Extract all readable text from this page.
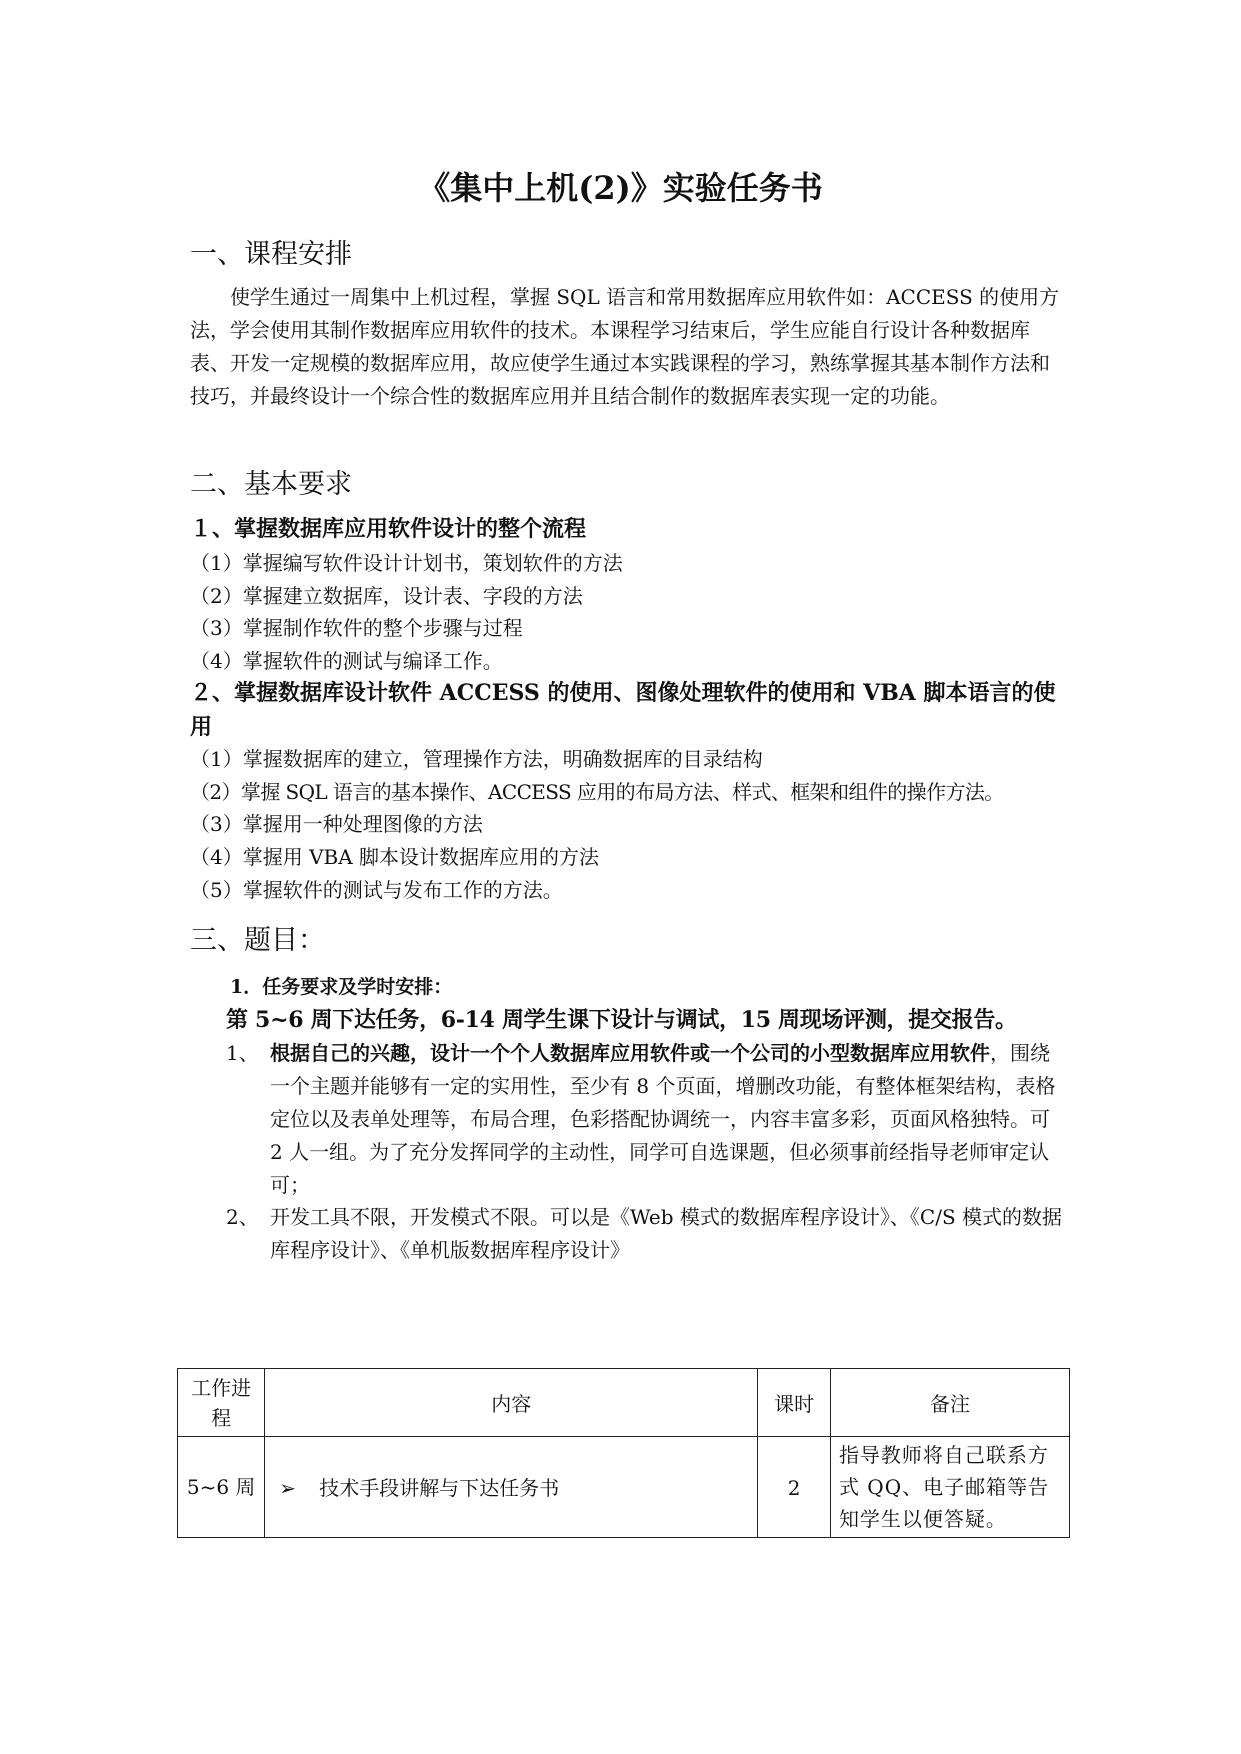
《集中上机(2)》实验任务书
一、课程安排

使学生通过一周集中上机过程，掌握 SQL 语言和常用数据库应用软件如：ACCESS 的使用方法，学会使用其制作数据库应用软件的技术。本课程学习结束后，学生应能自行设计各种数据库表、开发一定规模的数据库应用，故应使学生通过本实践课程的学习，熟练掌握其基本制作方法和技巧，并最终设计一个综合性的数据库应用并且结合制作的数据库表实现一定的功能。

二、基本要求
１、掌握数据库应用软件设计的整个流程
（1）掌握编写软件设计计划书，策划软件的方法
（2）掌握建立数据库，设计表、字段的方法
（3）掌握制作软件的整个步骤与过程
（4）掌握软件的测试与编译工作。
２、掌握数据库设计软件 ACCESS 的使用、图像处理软件的使用和 VBA 脚本语言的使用
（1）掌握数据库的建立，管理操作方法，明确数据库的目录结构
（2）掌握 SQL 语言的基本操作、ACCESS 应用的布局方法、样式、框架和组件的操作方法。
（3）掌握用一种处理图像的方法
（4）掌握用 VBA 脚本设计数据库应用的方法
（5）掌握软件的测试与发布工作的方法。
三、题目：
1．任务要求及学时安排：
第 5~6 周下达任务，6-14 周学生课下设计与调试，15 周现场评测，提交报告。
1、 根据自己的兴趣，设计一个个人数据库应用软件或一个公司的小型数据库应用软件，围绕一个主题并能够有一定的实用性，至少有 8 个页面，增删改功能，有整体框架结构，表格定位以及表单处理等，布局合理，色彩搭配协调统一，内容丰富多彩，页面风格独特。可 2 人一组。为了充分发挥同学的主动性，同学可自选课题，但必须事前经指导老师审定认可；
2、 开发工具不限，开发模式不限。可以是《Web 模式的数据库程序设计》、《C/S 模式的数据库程序设计》、《单机版数据库程序设计》
工作进程	内容	课时	备注
5~6 周	➢ 技术手段讲解与下达任务书	2	指导教师将自己联系方式 QQ、电子邮箱等告知学生以便答疑。
